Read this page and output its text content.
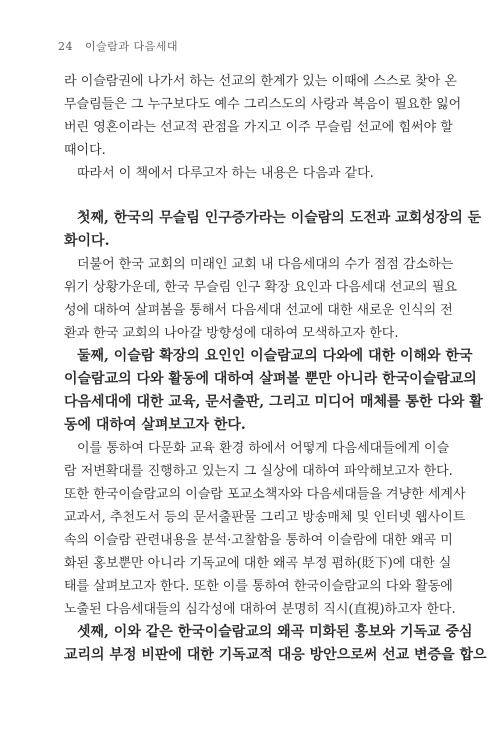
24 이슬람과 다음세대
라 이슬람권에 나가서 하는 선교의 한계가 있는 이때에 스스로 찾아 온
무슬림들은 그 누구보다도 예수 그리스도의 사랑과 복음이 필요한 잃어
버린 영혼이라는 선교적 관점을 가지고 이주 무슬림 선교에 힘써야 할
때이다.
따라서 이 책에서 다루고자 하는 내용은 다음과 같다.
첫째, 한국의 무슬림 인구증가라는 이슬람의 도전과 교회성장의 둔
화이다.
더불어 한국 교회의 미래인 교회 내 다음세대의 수가 점점 감소하는
위기 상황가운데, 한국 무슬림 인구 확장 요인과 다음세대 선교의 필요
성에 대하여 살펴봄을 통해서 다음세대 선교에 대한 새로운 인식의 전
환과 한국 교회의 나아갈 방향성에 대하여 모색하고자 한다.
둘째, 이슬람 확장의 요인인 이슬람교의 다와에 대한 이해와 한국
이슬람교의 다와 활동에 대하여 살펴볼 뿐만 아니라 한국이슬람교의
다음세대에 대한 교육, 문서출판, 그리고 미디어 매체를 통한 다와 활
동에 대하여 살펴보고자 한다.
이를 통하여 다문화 교육 환경 하에서 어떻게 다음세대들에게 이슬
람 저변확대를 진행하고 있는지 그 실상에 대하여 파악해보고자 한다.
또한 한국이슬람교의 이슬람 포교소책자와 다음세대들을 겨냥한 세계사
교과서, 추천도서 등의 문서출판물 그리고 방송매체 및 인터넷 웹사이트
속의 이슬람 관련내용을 분석·고찰함을 통하여 이슬람에 대한 왜곡 미
화된 홍보뿐만 아니라 기독교에 대한 왜곡 부정 폄하(貶下)에 대한 실
태를 살펴보고자 한다. 또한 이를 통하여 한국이슬람교의 다와 활동에
노출된 다음세대들의 심각성에 대하여 분명히 직시(直視)하고자 한다.
셋째, 이와 같은 한국이슬람교의 왜곡 미화된 홍보와 기독교 중심
교리의 부정 비판에 대한 기독교적 대응 방안으로써 선교 변증을 합으
